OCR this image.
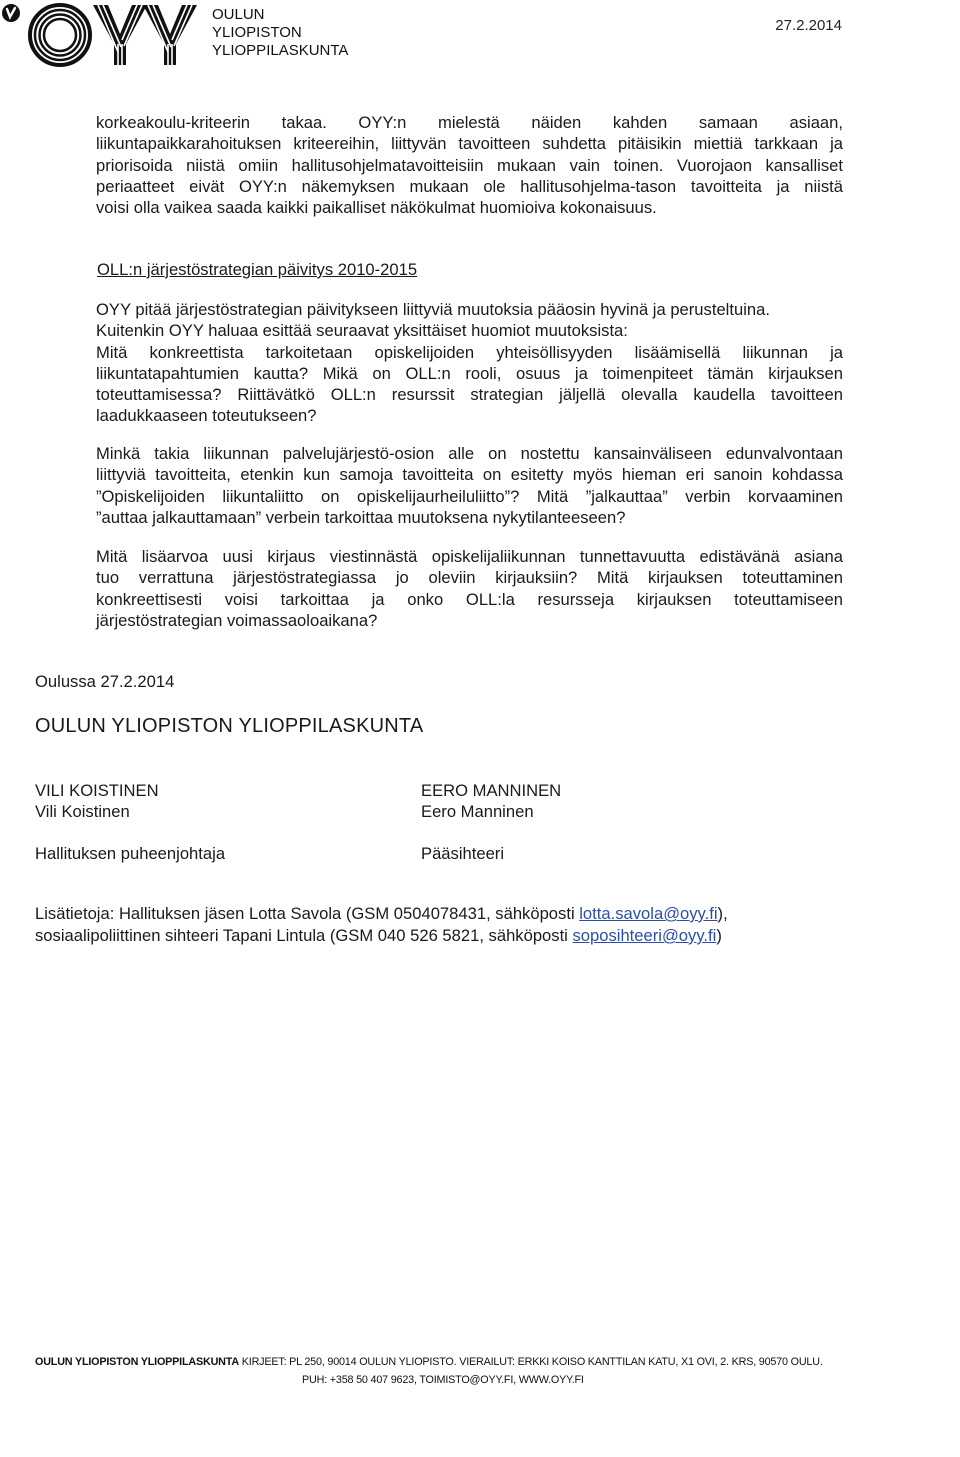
OULUN
YLIOPISTON
YLIOPPILASKUNTA
27.2.2014
korkeakoulu-kriteerin takaa. OYY:n mielestä näiden kahden samaan asiaan,
liikuntapaikkarahoituksen kriteereihin, liittyvän tavoitteen suhdetta pitäisikin miettiä tarkkaan ja
priorisoida niistä omiin hallitusohjelmatavoitteisiin mukaan vain toinen. Vuorojaon kansalliset
periaatteet eivät OYY:n näkemyksen mukaan ole hallitusohjelma-tason tavoitteita ja niistä
voisi olla vaikea saada kaikki paikalliset näkökulmat huomioiva kokonaisuus.
OLL:n järjestöstrategian päivitys 2010-2015
OYY pitää järjestöstrategian päivitykseen liittyviä muutoksia pääosin hyvinä ja perusteltuina.
Kuitenkin OYY haluaa esittää seuraavat yksittäiset huomiot muutoksista:
Mitä konkreettista tarkoitetaan opiskelijoiden yhteisöllisyyden lisäämisellä liikunnan ja
liikuntatapahtumien kautta? Mikä on OLL:n rooli, osuus ja toimenpiteet tämän kirjauksen
toteuttamisessa? Riittävätkö OLL:n resurssit strategian jäljellä olevalla kaudella tavoitteen
laadukkaaseen toteutukseen?
Minkä takia liikunnan palvelujärjestö-osion alle on nostettu kansainväliseen edunvalvontaan
liittyviä tavoitteita, etenkin kun samoja tavoitteita on esitetty myös hieman eri sanoin kohdassa
”Opiskelijoiden liikuntaliitto on opiskelijaurheiluliitto”? Mitä ”jalkauttaa” verbin korvaaminen
”auttaa jalkauttamaan” verbein tarkoittaa muutoksena nykytilanteeseen?
Mitä lisäarvoa uusi kirjaus viestinnästä opiskelijaliikunnan tunnettavuutta edistävänä asiana
tuo verrattuna järjestöstrategiassa jo oleviin kirjauksiin? Mitä kirjauksen toteuttaminen
konkreettisesti voisi tarkoittaa ja onko OLL:la resursseja kirjauksen toteuttamiseen
järjestöstrategian voimassaoloaikana?
Oulussa 27.2.2014
OULUN YLIOPISTON YLIOPPILASKUNTA
VILI KOISTINEN
Vili Koistinen
Hallituksen puheenjohtaja
EERO MANNINEN
Eero Manninen
Pääsihteeri
Lisätietoja: Hallituksen jäsen Lotta Savola (GSM 0504078431, sähköposti lotta.savola@oyy.fi),
sosiaalipoliittinen sihteeri Tapani Lintula (GSM 040 526 5821, sähköposti soposihteeri@oyy.fi)
OULUN YLIOPISTON YLIOPPILASKUNTA KIRJEET: PL 250, 90014 OULUN YLIOPISTO. VIERAILUT: ERKKI KOISO KANTTILAN KATU, X1 OVI, 2. KRS, 90570 OULU.
PUH: +358 50 407 9623, TOIMISTO@OYY.FI, WWW.OYY.FI
